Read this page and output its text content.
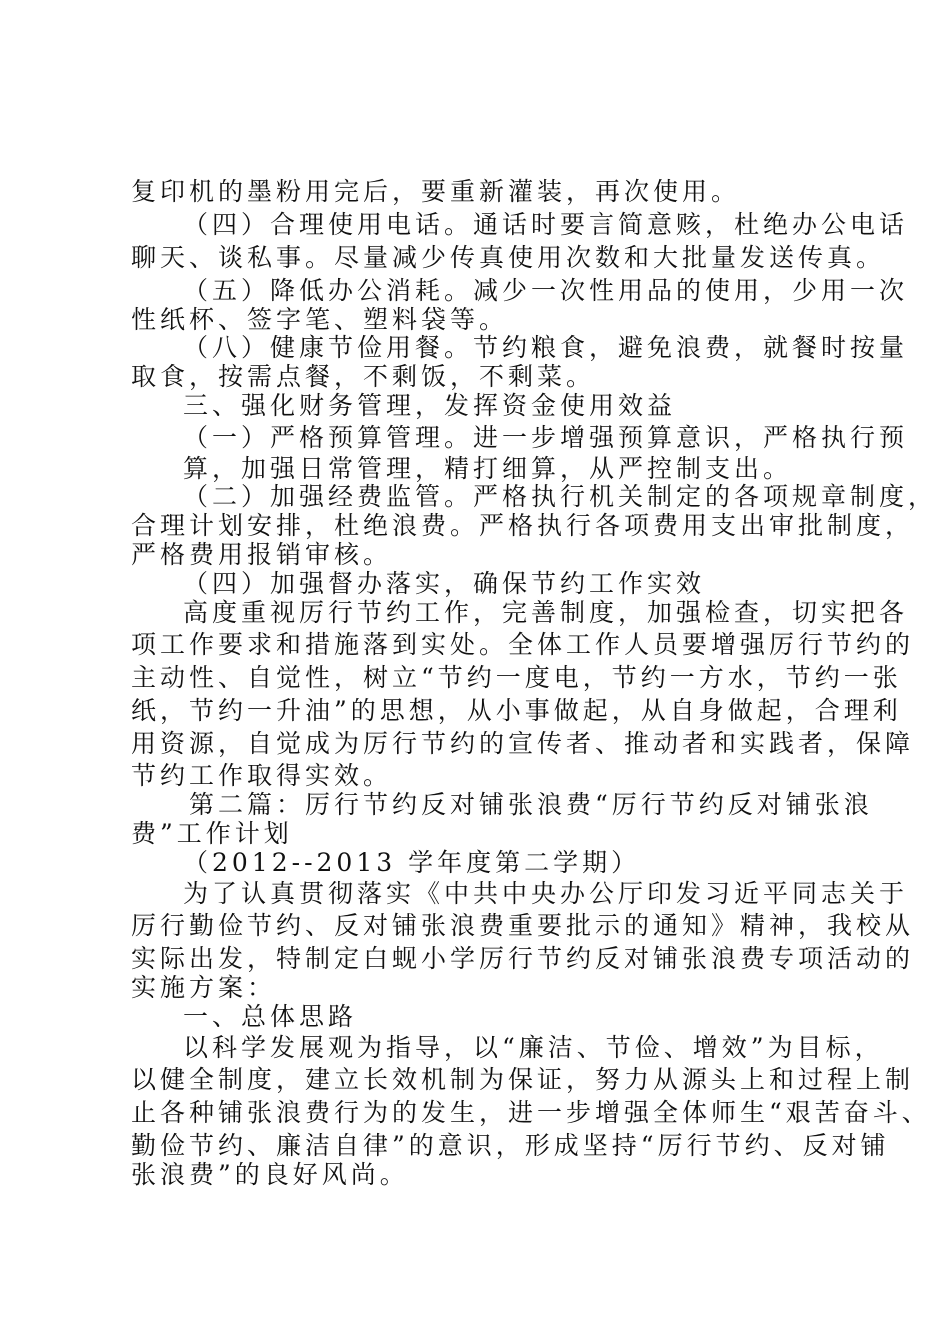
复印机的墨粉用完后，要重新灌装，再次使用。
（四）合理使用电话。通话时要言简意赅，杜绝办公电话
聊天、谈私事。尽量减少传真使用次数和大批量发送传真。
（五）降低办公消耗。减少一次性用品的使用，少用一次
性纸杯、签字笔、塑料袋等。
（八）健康节俭用餐。节约粮食，避免浪费，就餐时按量
取食，按需点餐，不剩饭，不剩菜。
三、强化财务管理，发挥资金使用效益
（一）严格预算管理。进一步增强预算意识，严格执行预
算，加强日常管理，精打细算，从严控制支出。
（二）加强经费监管。严格执行机关制定的各项规章制度，
合理计划安排，杜绝浪费。严格执行各项费用支出审批制度，
严格费用报销审核。
（四）加强督办落实，确保节约工作实效
高度重视厉行节约工作，完善制度，加强检查，切实把各
项工作要求和措施落到实处。全体工作人员要增强厉行节约的
主动性、自觉性，树立“节约一度电，节约一方水，节约一张
纸，节约一升油”的思想，从小事做起，从自身做起，合理利
用资源，自觉成为厉行节约的宣传者、推动者和实践者，保障
节约工作取得实效。
第二篇：厉行节约反对铺张浪费“厉行节约反对铺张浪
费”工作计划
（2012--2013 学年度第二学期）
为了认真贯彻落实《中共中央办公厅印发习近平同志关于
厉行勤俭节约、反对铺张浪费重要批示的通知》精神，我校从
实际出发，特制定白蚬小学厉行节约反对铺张浪费专项活动的
实施方案：
一、总体思路
以科学发展观为指导，以“廉洁、节俭、增效”为目标，
以健全制度，建立长效机制为保证，努力从源头上和过程上制
止各种铺张浪费行为的发生，进一步增强全体师生“艰苦奋斗、
勤俭节约、廉洁自律”的意识，形成坚持“厉行节约、反对铺
张浪费”的良好风尚。
